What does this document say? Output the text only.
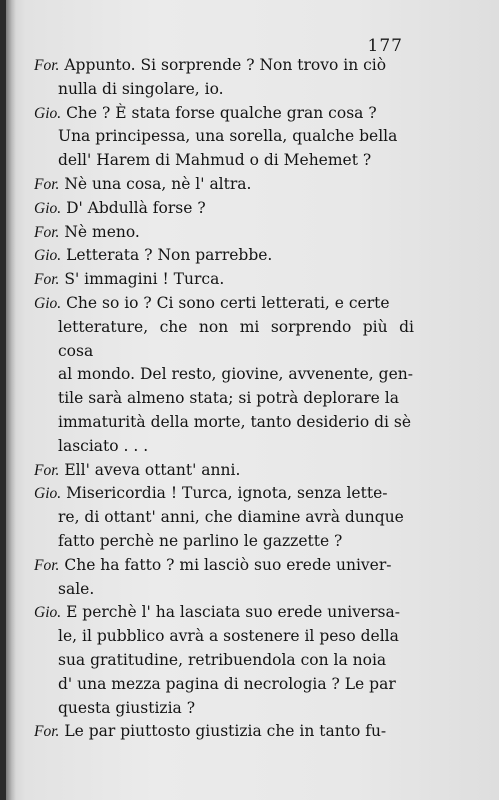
177

For. Appunto. Si sorprende ? Non trovo in ciò
nulla di singolare, io.

Gio. Che ? È stata forse qualche gran cosa ?
Una principessa, una sorella, qualche bella
dell' Harem di Mahmud o di Mehemet ?

For. Nè una cosa, nè l' altra.

Gio. D' Abdullà forse ?

For. Nè meno.

Gio. Letterata ? Non parrebbe.

For. S' immagini ! Turca.

Gio. Che so io ? Ci sono certi letterati, e certe
letterature, che non mi sorprendo più di cosa
al mondo. Del resto, giovine, avvenente, gen-
tile sarà almeno stata; si potrà deplorare la
immaturità della morte, tanto desiderio di sè
lasciato . . .

For. Ell' aveva ottant' anni.

Gio. Misericordia ! Turca, ignota, senza lette-
re, di ottant' anni, che diamine avrà dunque
fatto perchè ne parlino le gazzette ?

For. Che ha fatto ? mi lasciò suo erede univer-
sale.

Gio. E perchè l' ha lasciata suo erede universa-
le, il pubblico avrà a sostenere il peso della
sua gratitudine, retribuendola con la noia
d' una mezza pagina di necrologia ? Le par
questa giustizia ?

For. Le par piuttosto giustizia che in tanto fu-
